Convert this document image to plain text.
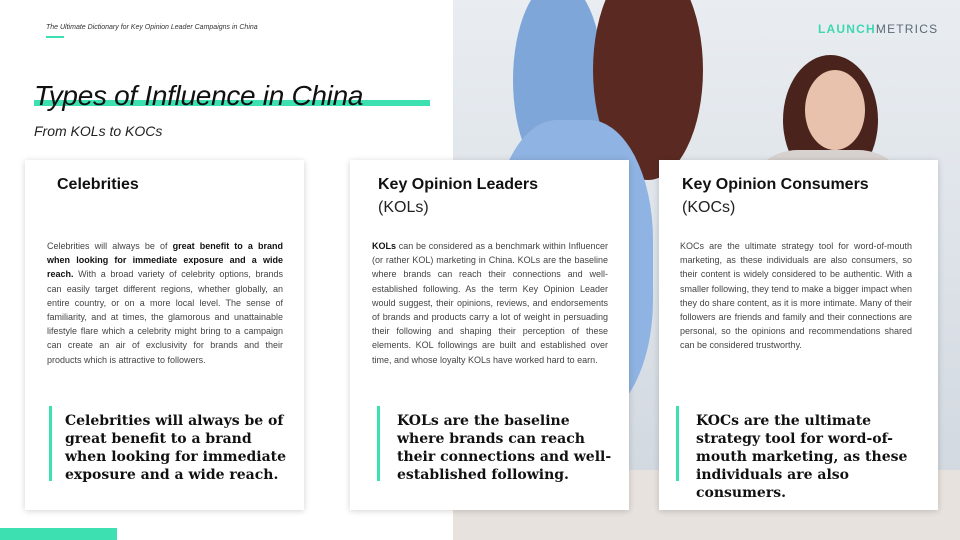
The Ultimate Dictionary for Key Opinion Leader Campaigns in China	LAUNCHMETRICS
Types of Influence in China
From KOLs to KOCs
Celebrities

Celebrities will always be of great benefit to a brand when looking for immediate exposure and a wide reach. With a broad variety of celebrity options, brands can easily target different regions, whether globally, an entire country, or on a more local level. The sense of familiarity, and at times, the glamorous and unattainable lifestyle flare which a celebrity might bring to a campaign can create an air of exclusivity for brands and their products which is attractive to followers.

Celebrities will always be of great benefit to a brand when looking for immediate exposure and a wide reach.
Key Opinion Leaders
(KOLs)

KOLs can be considered as a benchmark within Influencer (or rather KOL) marketing in China. KOLs are the baseline where brands can reach their connections and well-established following. As the term Key Opinion Leader would suggest, their opinions, reviews, and endorsements of brands and products carry a lot of weight in persuading their following and shaping their perception of these elements. KOL followings are built and established over time, and whose loyalty KOLs have worked hard to earn.

KOLs are the baseline where brands can reach their connections and well-established following.
Key Opinion Consumers
(KOCs)

KOCs are the ultimate strategy tool for word-of-mouth marketing, as these individuals are also consumers, so their content is widely considered to be authentic. With a smaller following, they tend to make a bigger impact when they do share content, as it is more intimate. Many of their followers are friends and family and their connections are personal, so the opinions and recommendations shared can be considered trustworthy.

KOCs are the ultimate strategy tool for word-of-mouth marketing, as these individuals are also consumers.
